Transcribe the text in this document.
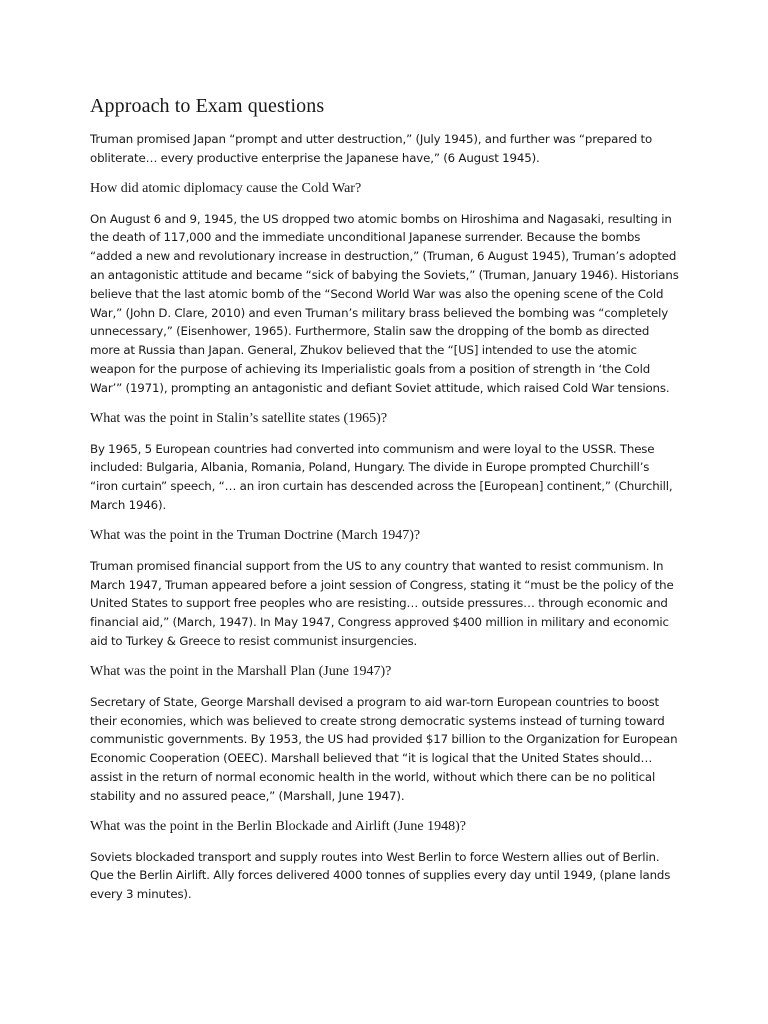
Approach to Exam questions

Truman promised Japan “prompt and utter destruction,” (July 1945), and further was “prepared to obliterate… every productive enterprise the Japanese have,” (6 August 1945).

How did atomic diplomacy cause the Cold War?

On August 6 and 9, 1945, the US dropped two atomic bombs on Hiroshima and Nagasaki, resulting in the death of 117,000 and the immediate unconditional Japanese surrender. Because the bombs “added a new and revolutionary increase in destruction,” (Truman, 6 August 1945), Truman’s adopted an antagonistic attitude and became “sick of babying the Soviets,” (Truman, January 1946). Historians believe that the last atomic bomb of the “Second World War was also the opening scene of the Cold War,” (John D. Clare, 2010) and even Truman’s military brass believed the bombing was “completely unnecessary,” (Eisenhower, 1965). Furthermore, Stalin saw the dropping of the bomb as directed more at Russia than Japan. General, Zhukov believed that the “[US] intended to use the atomic weapon for the purpose of achieving its Imperialistic goals from a position of strength in ‘the Cold War’” (1971), prompting an antagonistic and defiant Soviet attitude, which raised Cold War tensions.

What was the point in Stalin’s satellite states (1965)?

By 1965, 5 European countries had converted into communism and were loyal to the USSR. These included: Bulgaria, Albania, Romania, Poland, Hungary. The divide in Europe prompted Churchill’s “iron curtain” speech, “… an iron curtain has descended across the [European] continent,” (Churchill, March 1946).

What was the point in the Truman Doctrine (March 1947)?

Truman promised financial support from the US to any country that wanted to resist communism. In March 1947, Truman appeared before a joint session of Congress, stating it “must be the policy of the United States to support free peoples who are resisting… outside pressures… through economic and financial aid,” (March, 1947). In May 1947, Congress approved $400 million in military and economic aid to Turkey & Greece to resist communist insurgencies.

What was the point in the Marshall Plan (June 1947)?

Secretary of State, George Marshall devised a program to aid war-torn European countries to boost their economies, which was believed to create strong democratic systems instead of turning toward communistic governments. By 1953, the US had provided $17 billion to the Organization for European Economic Cooperation (OEEC). Marshall believed that “it is logical that the United States should… assist in the return of normal economic health in the world, without which there can be no political stability and no assured peace,” (Marshall, June 1947).

What was the point in the Berlin Blockade and Airlift (June 1948)?

Soviets blockaded transport and supply routes into West Berlin to force Western allies out of Berlin. Que the Berlin Airlift. Ally forces delivered 4000 tonnes of supplies every day until 1949, (plane lands every 3 minutes).
